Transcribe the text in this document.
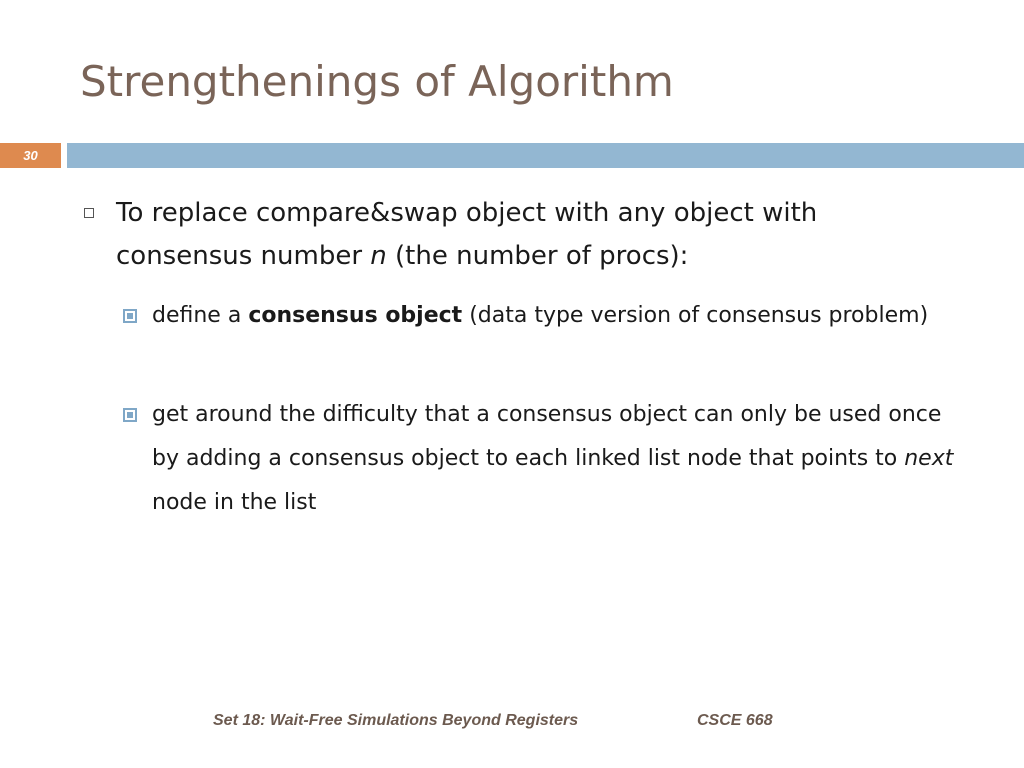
Strengthenings of Algorithm
30
To replace compare&swap object with any object with consensus number n (the number of procs):
define a consensus object (data type version of consensus problem)
get around the difficulty that a consensus object can only be used once by adding a consensus object to each linked list node that points to next node in the list
Set 18: Wait-Free Simulations Beyond Registers	CSCE 668
